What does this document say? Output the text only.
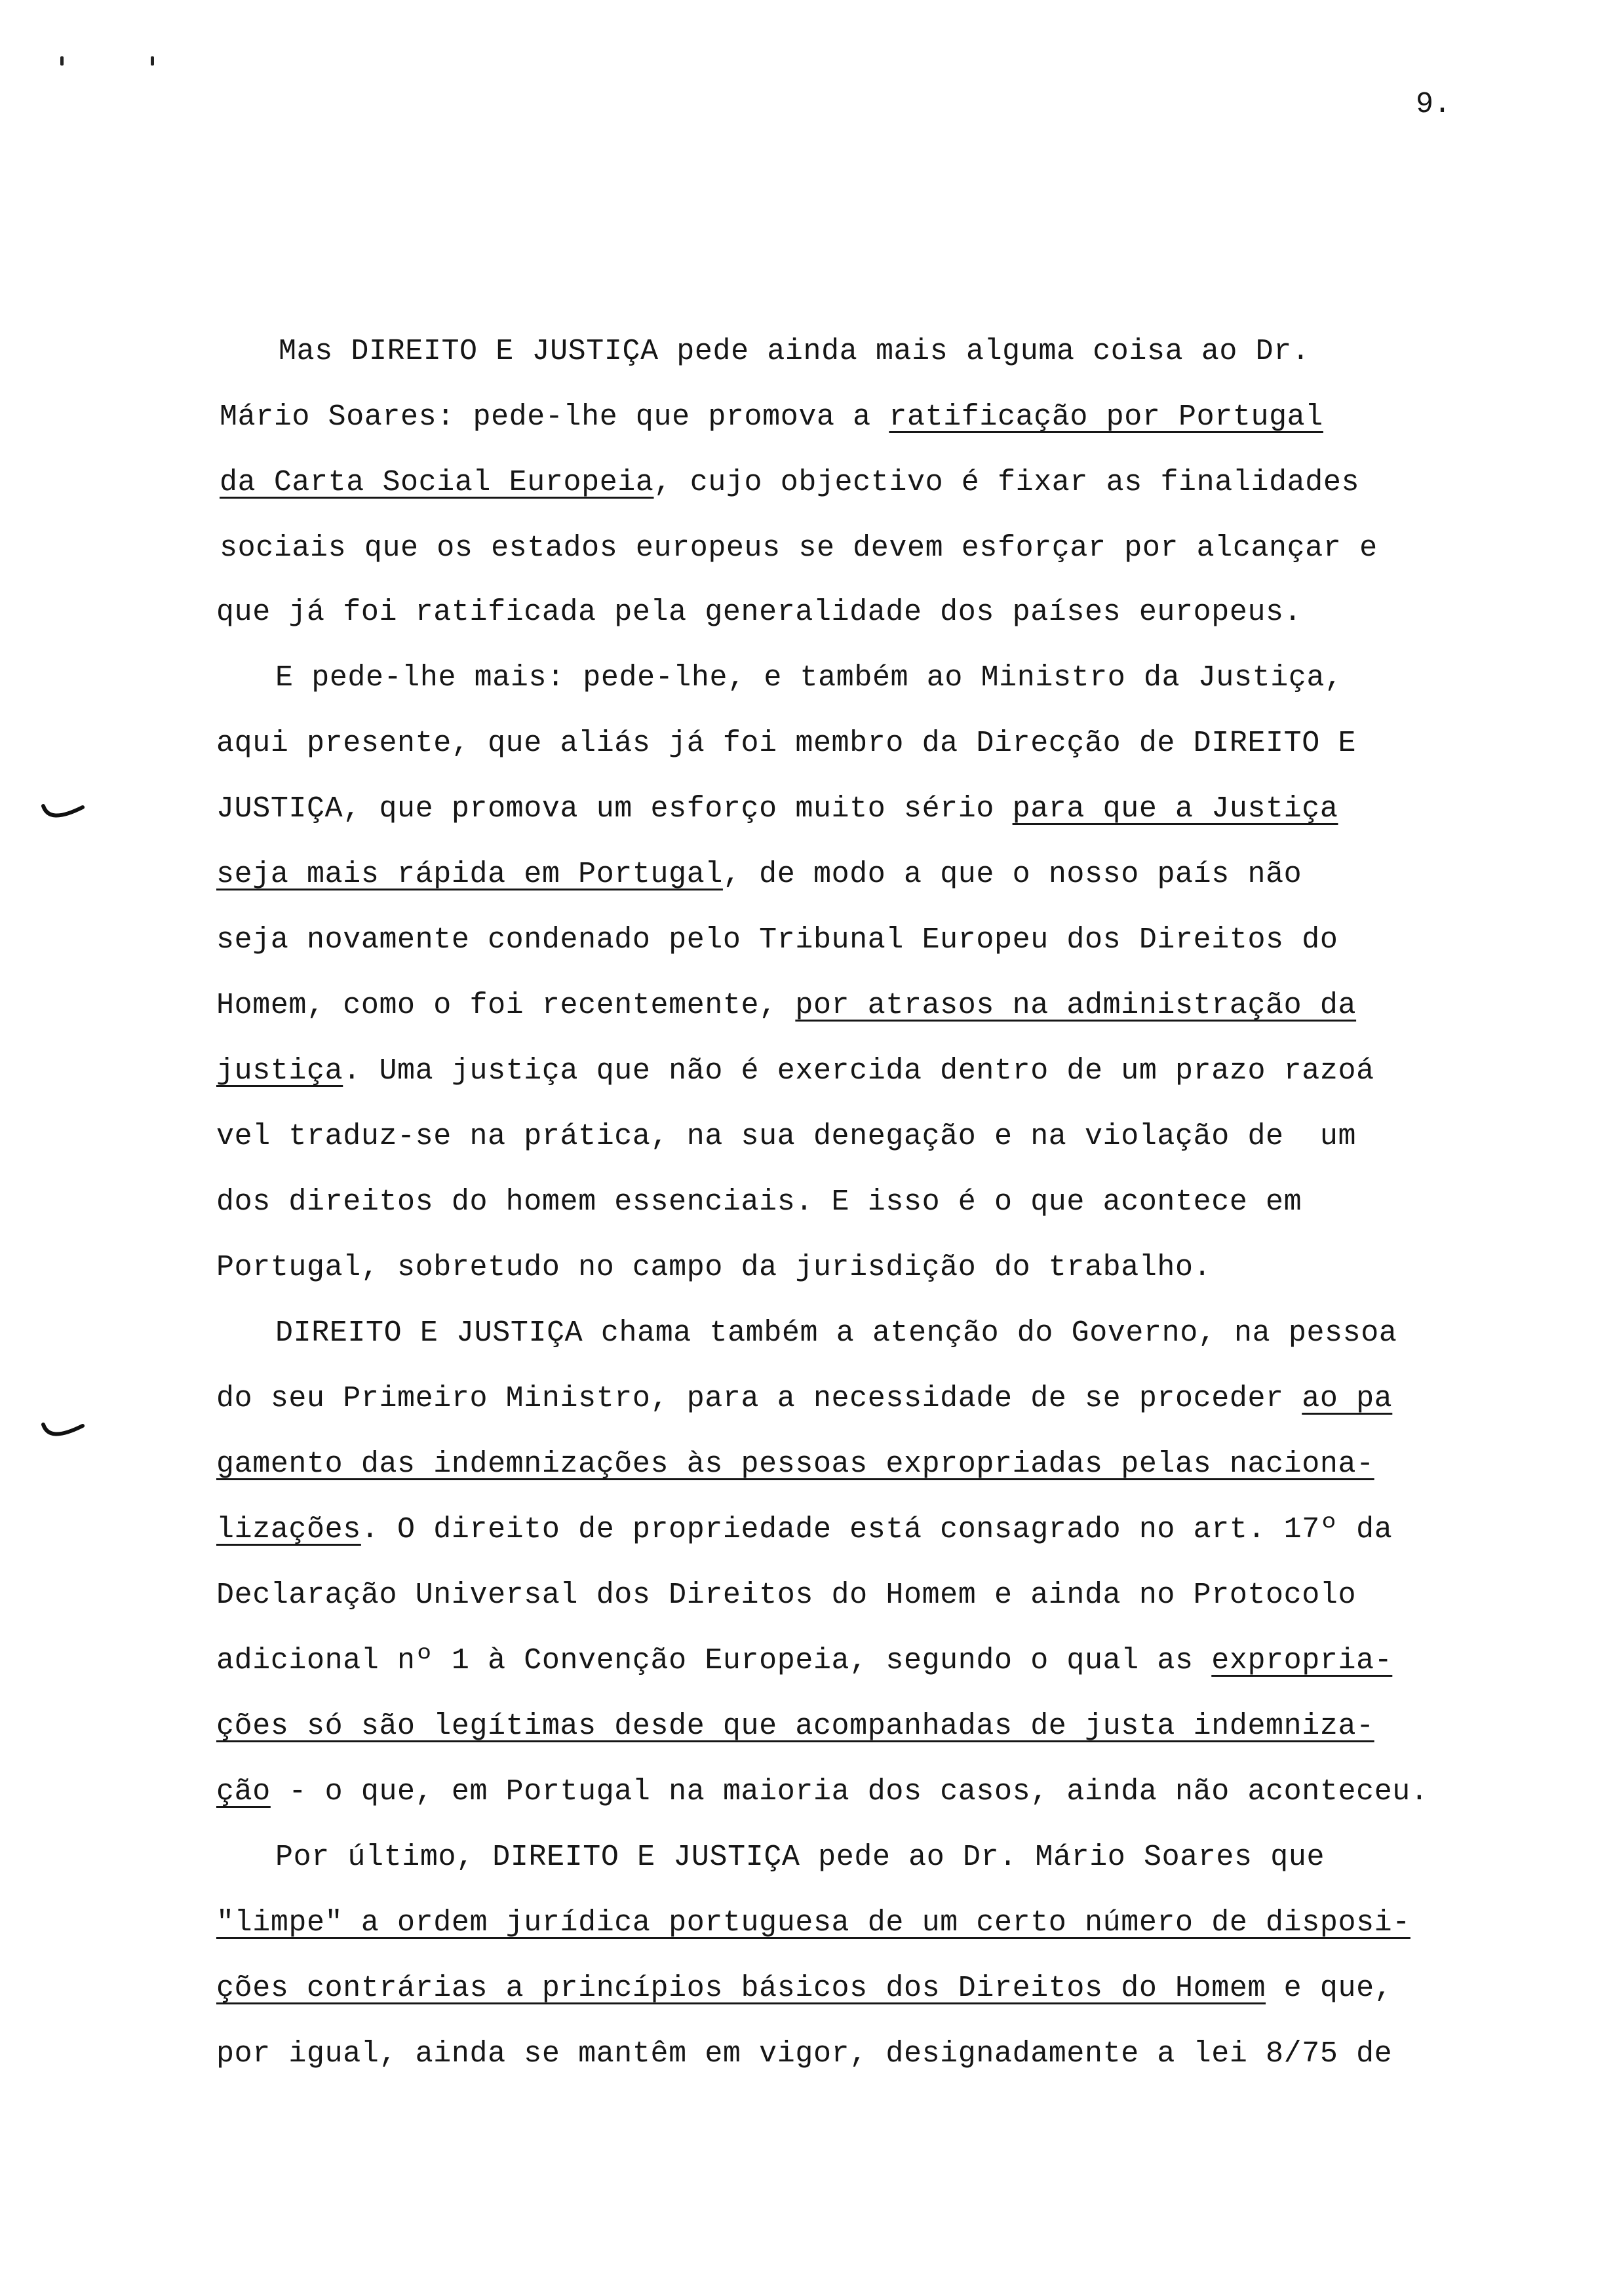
9.
Mas DIREITO E JUSTIÇA pede ainda mais alguma coisa ao Dr.
Mário Soares: pede-lhe que promova a ratificação por Portugal
da Carta Social Europeia, cujo objectivo é fixar as finalidades
sociais que os estados europeus se devem esforçar por alcançar e
que já foi ratificada pela generalidade dos países europeus.
E pede-lhe mais: pede-lhe, e também ao Ministro da Justiça,
aqui presente, que aliás já foi membro da Direcção de DIREITO E
JUSTIÇA, que promova um esforço muito sério para que a Justiça
seja mais rápida em Portugal, de modo a que o nosso país não
seja novamente condenado pelo Tribunal Europeu dos Direitos do
Homem, como o foi recentemente, por atrasos na administração da
justiça. Uma justiça que não é exercida dentro de um prazo razoá
vel traduz-se na prática, na sua denegação e na violação de  um
dos direitos do homem essenciais. E isso é o que acontece em
Portugal, sobretudo no campo da jurisdição do trabalho.
DIREITO E JUSTIÇA chama também a atenção do Governo, na pessoa
do seu Primeiro Ministro, para a necessidade de se proceder ao pa
gamento das indemnizações às pessoas expropriadas pelas naciona-
lizações. O direito de propriedade está consagrado no art. 17º da
Declaração Universal dos Direitos do Homem e ainda no Protocolo
adicional nº 1 à Convenção Europeia, segundo o qual as expropria-
ções só são legítimas desde que acompanhadas de justa indemniza-
ção - o que, em Portugal na maioria dos casos, ainda não aconteceu.
Por último, DIREITO E JUSTIÇA pede ao Dr. Mário Soares que
"limpe" a ordem jurídica portuguesa de um certo número de disposi-
ções contrárias a princípios básicos dos Direitos do Homem e que,
por igual, ainda se mantêm em vigor, designadamente a lei 8/75 de
